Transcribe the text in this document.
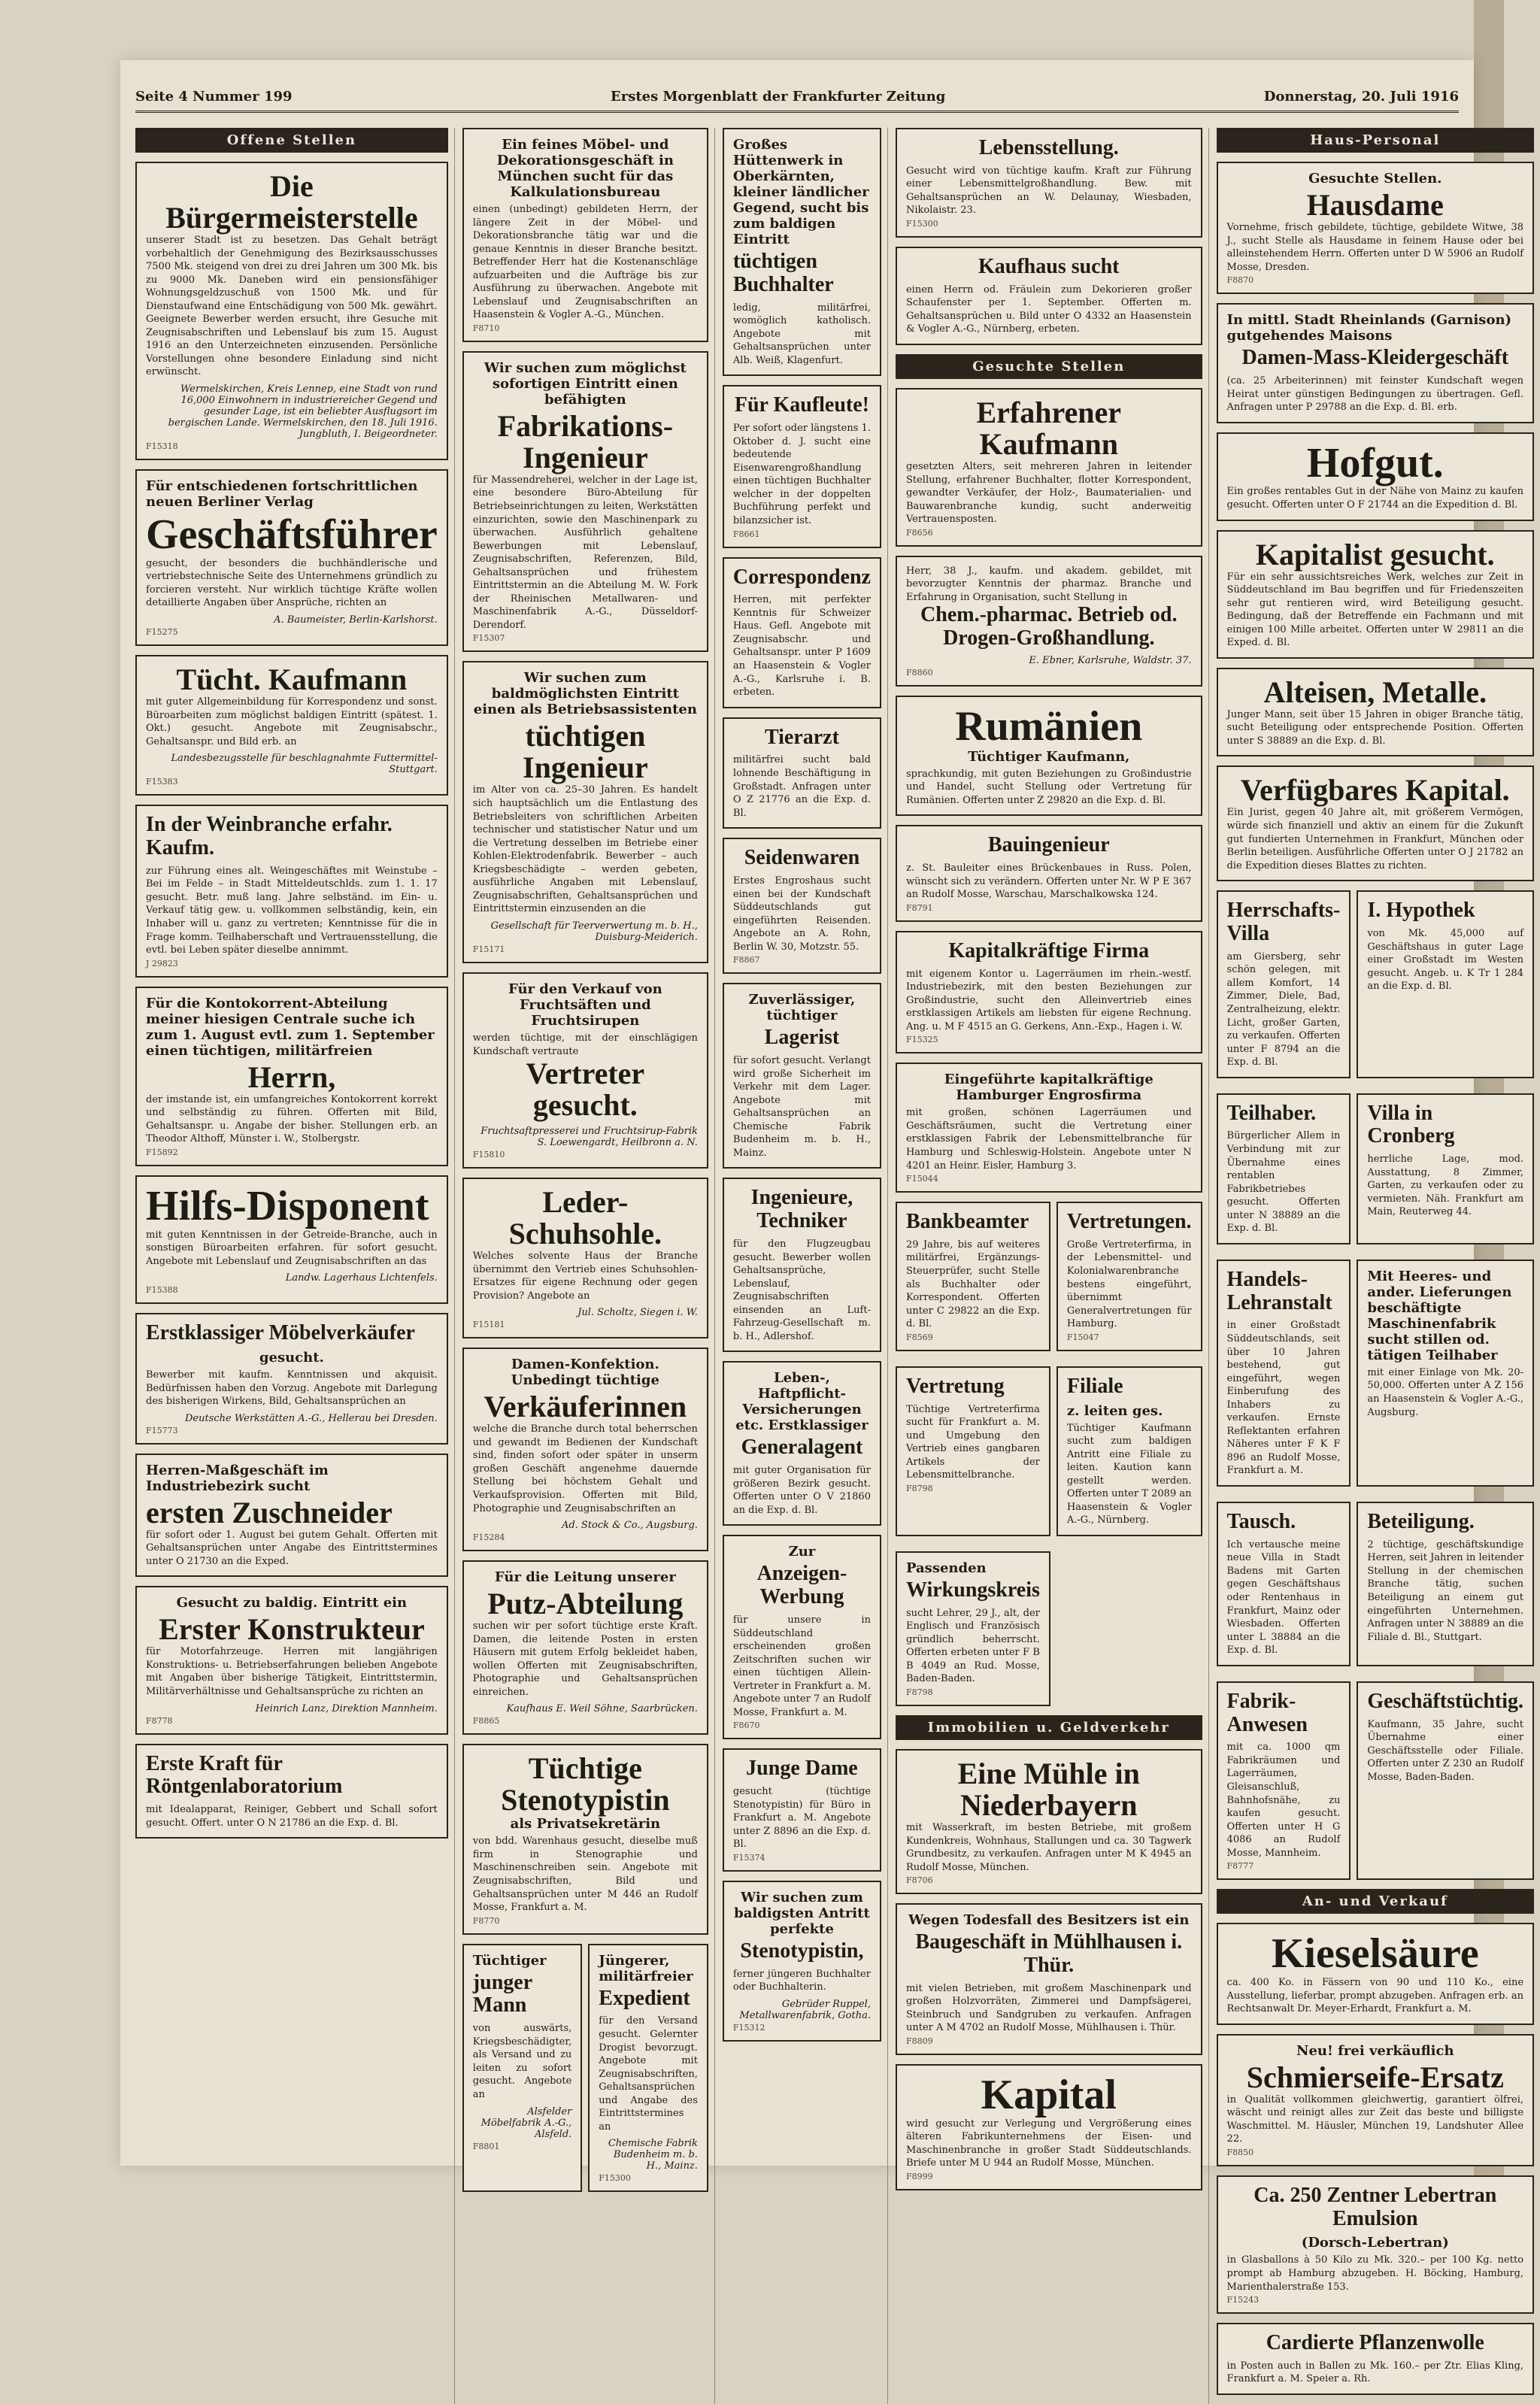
Seite 4 Nummer 199	Erstes Morgenblatt der Frankfurter Zeitung	Donnerstag, 20. Juli 1916
Offene Stellen
Die Bürgermeisterstelle
unserer Stadt ist zu besetzen. Das Gehalt beträgt vorbehaltlich der Genehmigung des Bezirksausschusses 7500 Mk. steigend von drei zu drei Jahren um 300 Mk. bis zu 9000 Mk. Daneben wird ein pensionsfähiger Wohnungsgeldzuschuß von 1500 Mk. und für Dienstaufwand eine Entschädigung von 500 Mk. gewährt. Geeignete Bewerber werden ersucht, ihre Gesuche mit Zeugnisabschriften und Lebenslauf bis zum 15. August 1916 an den Unterzeichneten einzusenden. Persönliche Vorstellungen ohne besondere Einladung sind nicht erwünscht.
Wermelskirchen, Kreis Lennep, eine Stadt von rund 16,000 Einwohnern in industriereicher Gegend und gesunder Lage, ist ein beliebter Ausflugsort im bergischen Lande. Wermelskirchen, den 18. Juli 1916. Jungbluth, I. Beigeordneter.
F15318
Für entschiedenen fortschrittlichen neuen Berliner Verlag
Geschäftsführer
gesucht, der besonders die buchhändlerische und vertriebstechnische Seite des Unternehmens gründlich zu forcieren versteht. Nur wirklich tüchtige Kräfte wollen detaillierte Angaben über Ansprüche, richten an
A. Baumeister, Berlin-Karlshorst.
F15275
Tücht. Kaufmann
mit guter Allgemeinbildung für Korrespondenz und sonst. Büroarbeiten zum möglichst baldigen Eintritt (spätest. 1. Okt.) gesucht. Angebote mit Zeugnisabschr., Gehaltsanspr. und Bild erb. an
Landesbezugsstelle für beschlagnahmte Futtermittel-Stuttgart.
F15383
In der Weinbranche erfahr. Kaufm.
zur Führung eines alt. Weingeschäftes mit Weinstube – Bei im Felde – in Stadt Mitteldeutschlds. zum 1. 1. 17 gesucht. Betr. muß lang. Jahre selbständ. im Ein- u. Verkauf tätig gew. u. vollkommen selbständig, kein, ein Inhaber will u. ganz zu vertreten; Kenntnisse für die in Frage komm. Teilhaberschaft und Vertrauensstellung, die evtl. bei Leben später dieselbe annimmt.
J 29823
Für die Kontokorrent-Abteilung meiner hiesigen Centrale suche ich zum 1. August evtl. zum 1. September einen tüchtigen, militärfreien
Herrn,
der imstande ist, ein umfangreiches Kontokorrent korrekt und selbständig zu führen. Offerten mit Bild, Gehaltsanspr. u. Angabe der bisher. Stellungen erb. an Theodor Althoff, Münster i. W., Stolbergstr.
F15892
Hilfs-Disponent
mit guten Kenntnissen in der Getreide-Branche, auch in sonstigen Büroarbeiten erfahren. für sofort gesucht. Angebote mit Lebenslauf und Zeugnisabschriften an das
Landw. Lagerhaus Lichtenfels.
F15388
Erstklassiger Möbelverkäufer
gesucht.
Bewerber mit kaufm. Kenntnissen und akquisit. Bedürfnissen haben den Vorzug. Angebote mit Darlegung des bisherigen Wirkens, Bild, Gehaltsansprüchen an
Deutsche Werkstätten A.-G., Hellerau bei Dresden.
F15773
Herren-Maßgeschäft im Industriebezirk sucht
ersten Zuschneider
für sofort oder 1. August bei gutem Gehalt. Offerten mit Gehaltsansprüchen unter Angabe des Eintrittstermines unter O 21730 an die Exped.
Gesucht zu baldig. Eintritt ein
Erster Konstrukteur
für Motorfahrzeuge. Herren mit langjährigen Konstruktions- u. Betriebserfahrungen belieben Angebote mit Angaben über bisherige Tätigkeit, Eintrittstermin, Militärverhältnisse und Gehaltsansprüche zu richten an
Heinrich Lanz, Direktion Mannheim.
F8778
Erste Kraft für Röntgenlaboratorium
mit Idealapparat, Reiniger, Gebbert und Schall sofort gesucht. Offert. unter O N 21786 an die Exp. d. Bl.
Ein feines Möbel- und Dekorationsgeschäft in München sucht für das Kalkulationsbureau
einen (unbedingt) gebildeten Herrn, der längere Zeit in der Möbel- und Dekorationsbranche tätig war und die genaue Kenntnis in dieser Branche besitzt. Betreffender Herr hat die Kostenanschläge aufzuarbeiten und die Aufträge bis zur Ausführung zu überwachen. Angebote mit Lebenslauf und Zeugnisabschriften an Haasenstein & Vogler A.-G., München.
F8710
Wir suchen zum möglichst sofortigen Eintritt einen befähigten
Fabrikations-Ingenieur
für Massendreherei, welcher in der Lage ist, eine besondere Büro-Abteilung für Betriebseinrichtungen zu leiten, Werkstätten einzurichten, sowie den Maschinenpark zu überwachen. Ausführlich gehaltene Bewerbungen mit Lebenslauf, Zeugnisabschriften, Referenzen, Bild, Gehaltsansprüchen und frühestem Eintrittstermin an die Abteilung M. W. Fork der Rheinischen Metallwaren- und Maschinenfabrik A.-G., Düsseldorf-Derendorf.
F15307
Wir suchen zum baldmöglichsten Eintritt einen als Betriebsassistenten
tüchtigen Ingenieur
im Alter von ca. 25–30 Jahren. Es handelt sich hauptsächlich um die Entlastung des Betriebsleiters von schriftlichen Arbeiten technischer und statistischer Natur und um die Vertretung desselben im Betriebe einer Kohlen-Elektrodenfabrik. Bewerber – auch Kriegsbeschädigte – werden gebeten, ausführliche Angaben mit Lebenslauf, Zeugnisabschriften, Gehaltsansprüchen und Eintrittstermin einzusenden an die
Gesellschaft für Teerverwertung m. b. H., Duisburg-Meiderich.
F15171
Für den Verkauf von Fruchtsäften und Fruchtsirupen
werden tüchtige, mit der einschlägigen Kundschaft vertraute
Vertreter gesucht.
Fruchtsaftpresserei und Fruchtsirup-Fabrik S. Loewengardt, Heilbronn a. N.
F15810
Leder-Schuhsohle.
Welches solvente Haus der Branche übernimmt den Vertrieb eines Schuhsohlen-Ersatzes für eigene Rechnung oder gegen Provision? Angebote an
Jul. Scholtz, Siegen i. W.
F15181
Damen-Konfektion. Unbedingt tüchtige
Verkäuferinnen
welche die Branche durch total beherrschen und gewandt im Bedienen der Kundschaft sind, finden sofort oder später in unserm großen Geschäft angenehme dauernde Stellung bei höchstem Gehalt und Verkaufsprovision. Offerten mit Bild, Photographie und Zeugnisabschriften an
Ad. Stock & Co., Augsburg.
F15284
Für die Leitung unserer
Putz-Abteilung
suchen wir per sofort tüchtige erste Kraft. Damen, die leitende Posten in ersten Häusern mit gutem Erfolg bekleidet haben, wollen Offerten mit Zeugnisabschriften, Photographie und Gehaltsansprüchen einreichen.
Kaufhaus E. Weil Söhne, Saarbrücken.
F8865
Tüchtige Stenotypistin
als Privatsekretärin
von bdd. Warenhaus gesucht, dieselbe muß firm in Stenographie und Maschinenschreiben sein. Angebote mit Zeugnisabschriften, Bild und Gehaltsansprüchen unter M 446 an Rudolf Mosse, Frankfurt a. M.
F8770
Tüchtiger
junger Mann
von auswärts, Kriegsbeschädigter, als Versand und zu leiten zu sofort gesucht. Angebote an
Alsfelder Möbelfabrik A.-G., Alsfeld.
F8801
Jüngerer, militärfreier
Expedient
für den Versand gesucht. Gelernter Drogist bevorzugt. Angebote mit Zeugnisabschriften, Gehaltsansprüchen und Angabe des Eintrittstermines an
Chemische Fabrik Budenheim m. b. H., Mainz.
F15300
Großes Hüttenwerk in Oberkärnten, kleiner ländlicher Gegend, sucht bis zum baldigen Eintritt
tüchtigen Buchhalter
ledig, militärfrei, womöglich katholisch. Angebote mit Gehaltsansprüchen unter Alb. Weiß, Klagenfurt.
Für Kaufleute!
Per sofort oder längstens 1. Oktober d. J. sucht eine bedeutende Eisenwarengroßhandlung einen tüchtigen Buchhalter welcher in der doppelten Buchführung perfekt und bilanzsicher ist.
F8661
Correspondenz
Herren, mit perfekter Kenntnis für Schweizer Haus. Gefl. Angebote mit Zeugnisabschr. und Gehaltsanspr. unter P 1609 an Haasenstein & Vogler A.-G., Karlsruhe i. B. erbeten.
Tierarzt
militärfrei sucht bald lohnende Beschäftigung in Großstadt. Anfragen unter O Z 21776 an die Exp. d. Bl.
Seidenwaren
Erstes Engroshaus sucht einen bei der Kundschaft Süddeutschlands gut eingeführten Reisenden. Angebote an A. Rohn, Berlin W. 30, Motzstr. 55.
F8867
Zuverlässiger, tüchtiger
Lagerist
für sofort gesucht. Verlangt wird große Sicherheit im Verkehr mit dem Lager. Angebote mit Gehaltsansprüchen an Chemische Fabrik Budenheim m. b. H., Mainz.
Ingenieure, Techniker
für den Flugzeugbau gesucht. Bewerber wollen Gehaltsansprüche, Lebenslauf, Zeugnisabschriften einsenden an Luft-Fahrzeug-Gesellschaft m. b. H., Adlershof.
Leben-, Haftpflicht-Versicherungen etc. Erstklassiger
Generalagent
mit guter Organisation für größeren Bezirk gesucht. Offerten unter O V 21860 an die Exp. d. Bl.
Zur
Anzeigen-Werbung
für unsere in Süddeutschland erscheinenden großen Zeitschriften suchen wir einen tüchtigen Allein-Vertreter in Frankfurt a. M. Angebote unter 7 an Rudolf Mosse, Frankfurt a. M.
F8670
Junge Dame
gesucht (tüchtige Stenotypistin) für Büro in Frankfurt a. M. Angebote unter Z 8896 an die Exp. d. Bl.
F15374
Wir suchen zum baldigsten Antritt perfekte
Stenotypistin,
ferner jüngeren Buchhalter oder Buchhalterin.
Gebrüder Ruppel, Metallwarenfabrik, Gotha.
F15312
Lebensstellung.
Gesucht wird von tüchtige kaufm. Kraft zur Führung einer Lebensmittelgroßhandlung. Bew. mit Gehaltsansprüchen an W. Delaunay, Wiesbaden, Nikolaistr. 23.
F15300
Kaufhaus sucht
einen Herrn od. Fräulein zum Dekorieren großer Schaufenster per 1. September. Offerten m. Gehaltsansprüchen u. Bild unter O 4332 an Haasenstein & Vogler A.-G., Nürnberg, erbeten.
Gesuchte Stellen
Erfahrener Kaufmann
gesetzten Alters, seit mehreren Jahren in leitender Stellung, erfahrener Buchhalter, flotter Korrespondent, gewandter Verkäufer, der Holz-, Baumaterialien- und Bauwarenbranche kundig, sucht anderweitig Vertrauensposten.
F8656
Herr, 38 J., kaufm. und akadem. gebildet, mit bevorzugter Kenntnis der pharmaz. Branche und Erfahrung in Organisation, sucht Stellung in
Chem.-pharmac. Betrieb od. Drogen-Großhandlung.
E. Ebner, Karlsruhe, Waldstr. 37.
F8860
Rumänien
Tüchtiger Kaufmann,
sprachkundig, mit guten Beziehungen zu Großindustrie und Handel, sucht Stellung oder Vertretung für Rumänien. Offerten unter Z 29820 an die Exp. d. Bl.
Bauingenieur
z. St. Bauleiter eines Brückenbaues in Russ. Polen, wünscht sich zu verändern. Offerten unter Nr. W P E 367 an Rudolf Mosse, Warschau, Marschalkowska 124.
F8791
Kapitalkräftige Firma
mit eigenem Kontor u. Lagerräumen im rhein.-westf. Industriebezirk, mit den besten Beziehungen zur Großindustrie, sucht den Alleinvertrieb eines erstklassigen Artikels am liebsten für eigene Rechnung. Ang. u. M F 4515 an G. Gerkens, Ann.-Exp., Hagen i. W.
F15325
Eingeführte kapitalkräftige Hamburger Engrosfirma
mit großen, schönen Lagerräumen und Geschäftsräumen, sucht die Vertretung einer erstklassigen Fabrik der Lebensmittelbranche für Hamburg und Schleswig-Holstein. Angebote unter N 4201 an Heinr. Eisler, Hamburg 3.
F15044
Bankbeamter
29 Jahre, bis auf weiteres militärfrei, Ergänzungs-Steuerprüfer, sucht Stelle als Buchhalter oder Korrespondent. Offerten unter C 29822 an die Exp. d. Bl.
F8569
Vertretungen.
Große Vertreterfirma, in der Lebensmittel- und Kolonialwarenbranche bestens eingeführt, übernimmt Generalvertretungen für Hamburg.
F15047
Vertretung
Tüchtige Vertreterfirma sucht für Frankfurt a. M. und Umgebung den Vertrieb eines gangbaren Artikels der Lebensmittelbranche.
F8798
Filiale
z. leiten ges.
Tüchtiger Kaufmann sucht zum baldigen Antritt eine Filiale zu leiten. Kaution kann gestellt werden. Offerten unter T 2089 an Haasenstein & Vogler A.-G., Nürnberg.
Passenden
Wirkungskreis
sucht Lehrer, 29 J., alt, der Englisch und Französisch gründlich beherrscht. Offerten erbeten unter F B B 4049 an Rud. Mosse, Baden-Baden.
F8798
Immobilien u. Geldverkehr
Eine Mühle in Niederbayern
mit Wasserkraft, im besten Betriebe, mit großem Kundenkreis, Wohnhaus, Stallungen und ca. 30 Tagwerk Grundbesitz, zu verkaufen. Anfragen unter M K 4945 an Rudolf Mosse, München.
F8706
Wegen Todesfall des Besitzers ist ein
Baugeschäft in Mühlhausen i. Thür.
mit vielen Betrieben, mit großem Maschinenpark und großen Holzvorräten, Zimmerei und Dampfsägerei, Steinbruch und Sandgruben zu verkaufen. Anfragen unter A M 4702 an Rudolf Mosse, Mühlhausen i. Thür.
F8809
Kapital
wird gesucht zur Verlegung und Vergrößerung eines älteren Fabrikunternehmens der Eisen- und Maschinenbranche in großer Stadt Süddeutschlands. Briefe unter M U 944 an Rudolf Mosse, München.
F8999
Haus-Personal
Gesuchte Stellen.
Hausdame
Vornehme, frisch gebildete, tüchtige, gebildete Witwe, 38 J., sucht Stelle als Hausdame in feinem Hause oder bei alleinstehendem Herrn. Offerten unter D W 5906 an Rudolf Mosse, Dresden.
F8870
In mittl. Stadt Rheinlands (Garnison) gutgehendes Maisons
Damen-Mass-Kleidergeschäft
(ca. 25 Arbeiterinnen) mit feinster Kundschaft wegen Heirat unter günstigen Bedingungen zu übertragen. Gefl. Anfragen unter P 29788 an die Exp. d. Bl. erb.
Hofgut.
Ein großes rentables Gut in der Nähe von Mainz zu kaufen gesucht. Offerten unter O F 21744 an die Expedition d. Bl.
Kapitalist gesucht.
Für ein sehr aussichtsreiches Werk, welches zur Zeit in Süddeutschland im Bau begriffen und für Friedenszeiten sehr gut rentieren wird, wird Beteiligung gesucht. Bedingung, daß der Betreffende ein Fachmann und mit einigen 100 Mille arbeitet. Offerten unter W 29811 an die Exped. d. Bl.
Alteisen, Metalle.
Junger Mann, seit über 15 Jahren in obiger Branche tätig, sucht Beteiligung oder entsprechende Position. Offerten unter S 38889 an die Exp. d. Bl.
Verfügbares Kapital.
Ein Jurist, gegen 40 Jahre alt, mit größerem Vermögen, würde sich finanziell und aktiv an einem für die Zukunft gut fundierten Unternehmen in Frankfurt, München oder Berlin beteiligen. Ausführliche Offerten unter O J 21782 an die Expedition dieses Blattes zu richten.
Herrschafts-Villa
am Giersberg, sehr schön gelegen, mit allem Komfort, 14 Zimmer, Diele, Bad, Zentralheizung, elektr. Licht, großer Garten, zu verkaufen. Offerten unter F 8794 an die Exp. d. Bl.
I. Hypothek
von Mk. 45,000 auf Geschäftshaus in guter Lage einer Großstadt im Westen gesucht. Angeb. u. K Tr 1 284 an die Exp. d. Bl.
Teilhaber.
Bürgerlicher Allem in Verbindung mit zur Übernahme eines rentablen Fabrikbetriebes gesucht. Offerten unter N 38889 an die Exp. d. Bl.
Villa in Cronberg
herrliche Lage, mod. Ausstattung, 8 Zimmer, Garten, zu verkaufen oder zu vermieten. Näh. Frankfurt am Main, Reuterweg 44.
Handels-Lehranstalt
in einer Großstadt Süddeutschlands, seit über 10 Jahren bestehend, gut eingeführt, wegen Einberufung des Inhabers zu verkaufen. Ernste Reflektanten erfahren Näheres unter F K F 896 an Rudolf Mosse, Frankfurt a. M.
Mit Heeres- und ander. Lieferungen beschäftigte Maschinenfabrik sucht stillen od. tätigen Teilhaber
mit einer Einlage von Mk. 20-50,000. Offerten unter A Z 156 an Haasenstein & Vogler A.-G., Augsburg.
Tausch.
Ich vertausche meine neue Villa in Stadt Badens mit Garten gegen Geschäftshaus oder Rentenhaus in Frankfurt, Mainz oder Wiesbaden. Offerten unter L 38884 an die Exp. d. Bl.
Beteiligung.
2 tüchtige, geschäftskundige Herren, seit Jahren in leitender Stellung in der chemischen Branche tätig, suchen Beteiligung an einem gut eingeführten Unternehmen. Anfragen unter N 38889 an die Filiale d. Bl., Stuttgart.
Fabrik-Anwesen
mit ca. 1000 qm Fabrikräumen und Lagerräumen, Gleisanschluß, Bahnhofsnähe, zu kaufen gesucht. Offerten unter H G 4086 an Rudolf Mosse, Mannheim.
F8777
Geschäftstüchtig.
Kaufmann, 35 Jahre, sucht Übernahme einer Geschäftsstelle oder Filiale. Offerten unter Z 230 an Rudolf Mosse, Baden-Baden.
An- und Verkauf
Kieselsäure
ca. 400 Ko. in Fässern von 90 und 110 Ko., eine Ausstellung, lieferbar, prompt abzugeben. Anfragen erb. an Rechtsanwalt Dr. Meyer-Erhardt, Frankfurt a. M.
Neu! frei verkäuflich
Schmierseife-Ersatz
in Qualität vollkommen gleichwertig, garantiert ölfrei, wäscht und reinigt alles zur Zeit das beste und billigste Waschmittel. M. Häusler, München 19, Landshuter Allee 22.
F8850
Ca. 250 Zentner Lebertran Emulsion
(Dorsch-Lebertran)
in Glasballons à 50 Kilo zu Mk. 320.– per 100 Kg. netto prompt ab Hamburg abzugeben. H. Böcking, Hamburg, Marienthalerstraße 153.
F15243
Cardierte Pflanzenwolle
in Posten auch in Ballen zu Mk. 160.– per Ztr. Elias Kling, Frankfurt a. M. Speier a. Rh.
